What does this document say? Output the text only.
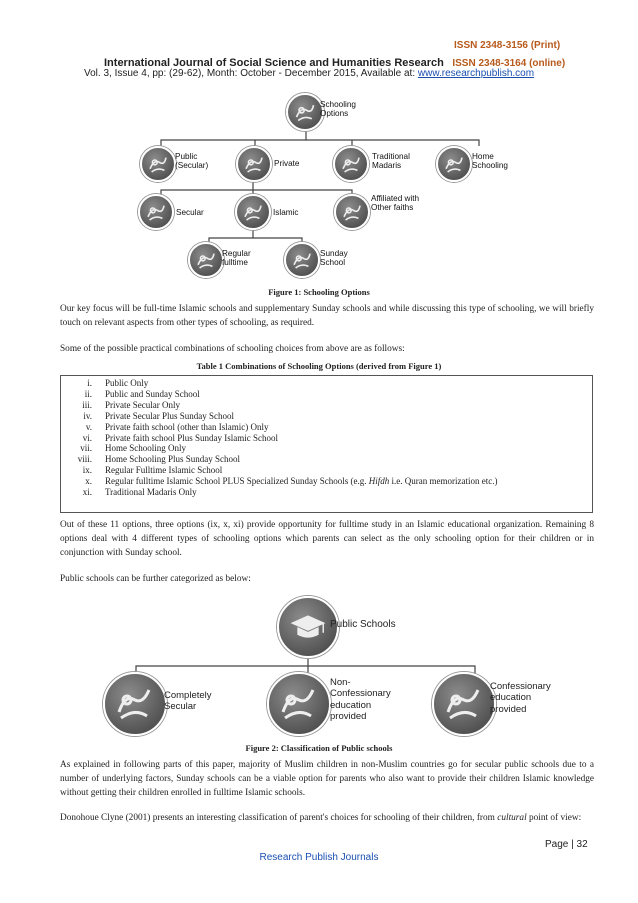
ISSN 2348-3156 (Print)
International Journal of Social Science and Humanities Research ISSN 2348-3164 (online)
Vol. 3, Issue 4, pp: (29-62), Month: October - December 2015, Available at: www.researchpublish.com
Schooling Options
Public (Secular)	Private
Traditional Madaris
Home Schooling
Secular	Islamic
Affiliated with Other faiths
Regular fulltime
Sunday School
Figure 1: Schooling Options

Our key focus will be full-time Islamic schools and supplementary Sunday schools and while discussing this type of schooling, we will briefly touch on relevant aspects from other types of schooling, as required.

Some of the possible practical combinations of schooling choices from above are as follows:

Table 1 Combinations of Schooling Options (derived from Figure 1)
i.	Public Only
ii.	Public and Sunday School
iii.	Private Secular Only
iv.	Private Secular Plus Sunday School
v.	Private faith school (other than Islamic) Only
vi.	Private faith school Plus Sunday Islamic School
vii.	Home Schooling Only
viii.	Home Schooling Plus Sunday School
ix.	Regular Fulltime Islamic School
x.	Regular fulltime Islamic School PLUS Specialized Sunday Schools (e.g. Hifdh i.e. Quran memorization etc.)
xi.	Traditional Madaris Only

Out of these 11 options, three options (ix, x, xi) provide opportunity for fulltime study in an Islamic educational organization. Remaining 8 options deal with 4 different types of schooling options which parents can select as the only schooling option for their children or in conjunction with Sunday school.

Public schools can be further categorized as below:

Public Schools
Completely Secular
Non-Confessionary education provided
Confessionary education provided
Figure 2: Classification of Public schools

As explained in following parts of this paper, majority of Muslim children in non-Muslim countries go for secular public schools due to a number of underlying factors, Sunday schools can be a viable option for parents who also want to provide their children Islamic knowledge without getting their children enrolled in fulltime Islamic schools.

Donohoue Clyne (2001) presents an interesting classification of parent's choices for schooling of their children, from cultural point of view:

Page | 32
Research Publish Journals
